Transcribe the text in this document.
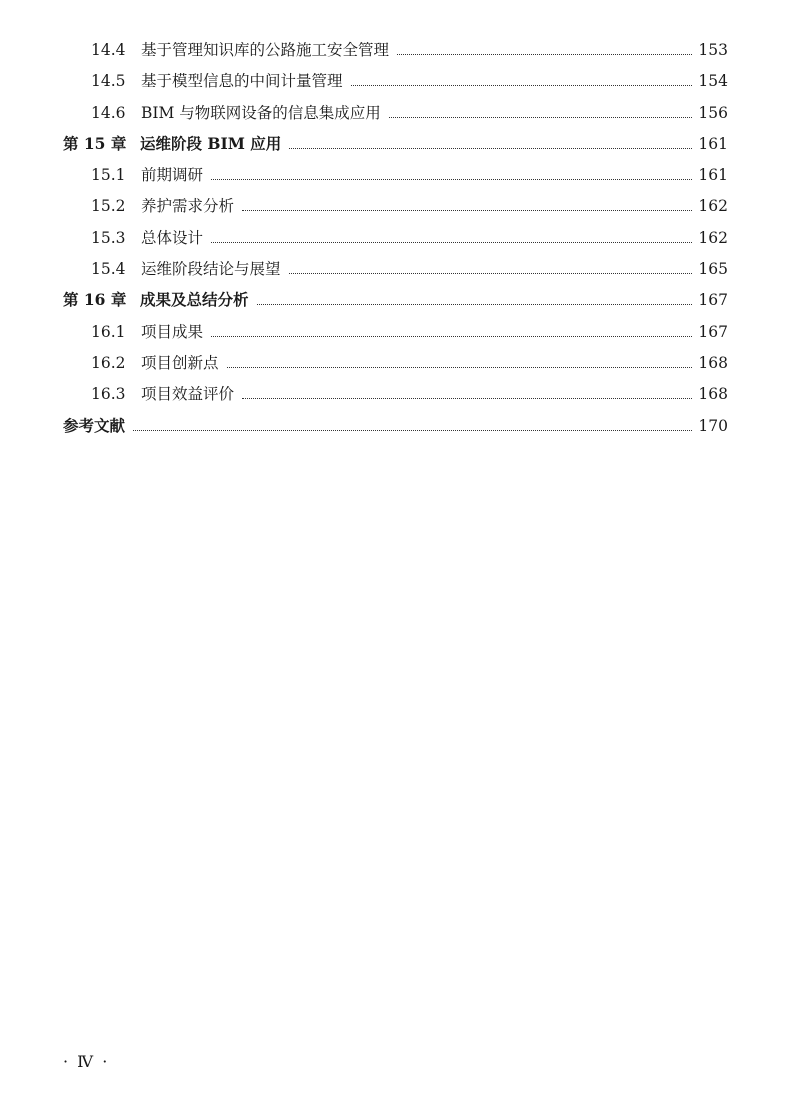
14.4 基于管理知识库的公路施工安全管理	153
14.5 基于模型信息的中间计量管理	154
14.6 BIM 与物联网设备的信息集成应用	156
第 15 章 运维阶段 BIM 应用	161
15.1 前期调研	161
15.2 养护需求分析	162
15.3 总体设计	162
15.4 运维阶段结论与展望	165
第 16 章 成果及总结分析	167
16.1 项目成果	167
16.2 项目创新点	168
16.3 项目效益评价	168
参考文献	170
· Ⅳ ·
